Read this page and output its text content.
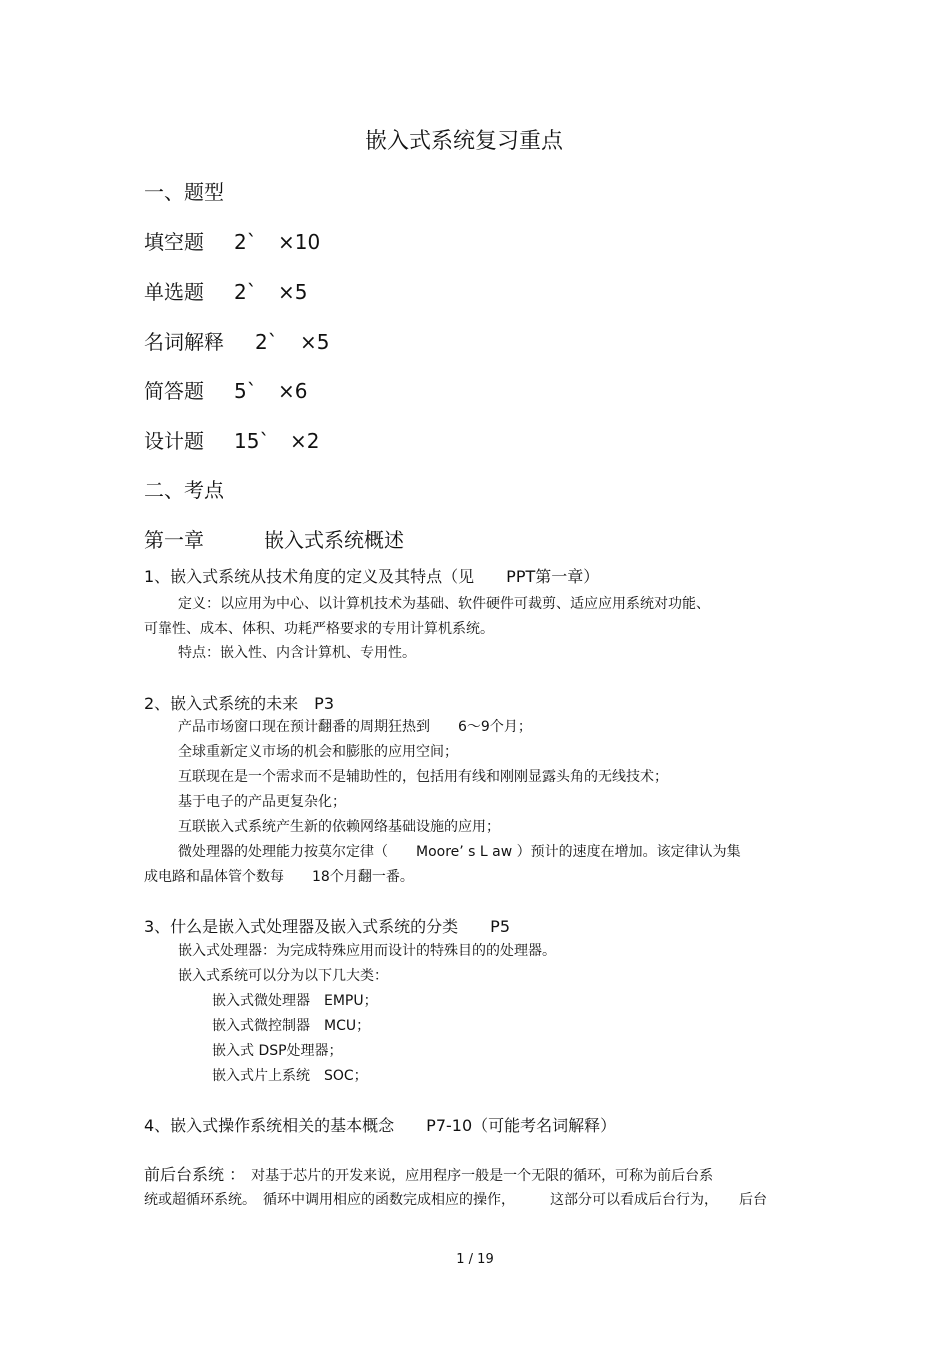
嵌入式系统复习重点
一、题型
填空题 2` ×10
单选题 2` ×5
名词解释 2` ×5
简答题 5` ×6
设计题 15` ×2
二、考点
第一章	嵌入式系统概述
1、嵌入式系统从技术角度的定义及其特点（见　　PPT第一章）
定义：以应用为中心、以计算机技术为基础、软件硬件可裁剪、适应应用系统对功能、
可靠性、成本、体积、功耗严格要求的专用计算机系统。
特点：嵌入性、内含计算机、专用性。
2、嵌入式系统的未来　P3
产品市场窗口现在预计翻番的周期狂热到　　6～9个月；
全球重新定义市场的机会和膨胀的应用空间；
互联现在是一个需求而不是辅助性的，包括用有线和刚刚显露头角的无线技术；
基于电子的产品更复杂化；
互联嵌入式系统产生新的依赖网络基础设施的应用；
微处理器的处理能力按莫尔定律（　　Moore’ s L aw ）预计的速度在增加。该定律认为集
成电路和晶体管个数每　　18个月翻一番。
3、什么是嵌入式处理器及嵌入式系统的分类　　P5
嵌入式处理器：为完成特殊应用而设计的特殊目的的处理器。
嵌入式系统可以分为以下几大类：
嵌入式微处理器　EMPU；
嵌入式微控制器　MCU；
嵌入式 DSP处理器；
嵌入式片上系统　SOC；
4、嵌入式操作系统相关的基本概念　　P7-10（可能考名词解释）
前后台系统 ： 对基于芯片的开发来说，应用程序一般是一个无限的循环，可称为前后台系
统或超循环系统。　循环中调用相应的函数完成相应的操作，　　　这部分可以看成后台行为，　　后台
1 / 19
